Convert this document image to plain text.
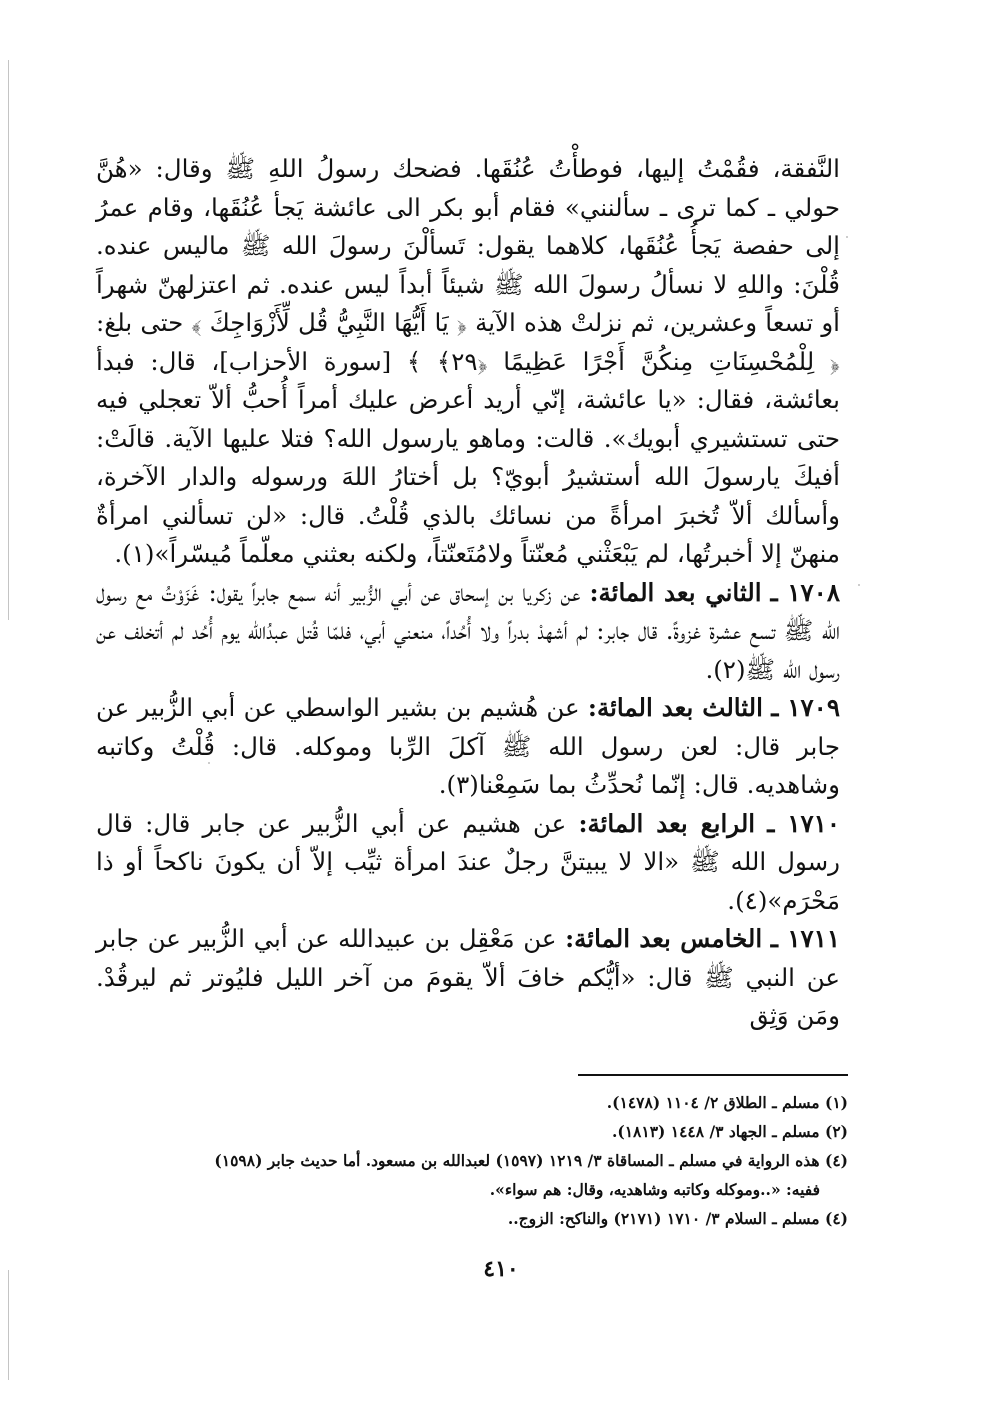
النَّفقة، فقُمْتُ إليها، فوطأْتُ عُنُقَها. فضحك رسولُ اللهِ ﷺ وقال: «هُنَّ حولي ـ كما ترى ـ سألنني» فقام أبو بكر الى عائشة يَجأ عُنُقَها، وقام عمرُ إلى حفصة يَجأُ عُنُقَها، كلاهما يقول: تَسألْنَ رسولَ الله ﷺ ماليس عنده. قُلْنَ: واللهِ لا نسألُ رسولَ الله ﷺ شيئاً أبداً ليس عنده. ثم اعتزلهنّ شهراً أو تسعاً وعشرين، ثم نزلتْ هذه الآية ﴿ يَا أَيُّهَا النَّبِيُّ قُل لِّأَزْوَاجِكَ ﴾ حتى بلغ: ﴿ لِلْمُحْسِنَاتِ مِنكُنَّ أَجْرًا عَظِيمًا ﴿٢٩﴾ ﴾ [سورة الأحزاب]، قال: فبدأ بعائشة، فقال: «يا عائشة، إنّي أريد أعرض عليك أمراً أُحبُّ ألاّ تعجلي فيه حتى تستشيري أبويك». قالت: وماهو يارسول الله؟ فتلا عليها الآية. قالَتْ: أفيكَ يارسولَ الله أستشيرُ أبويّ؟ بل أختارُ اللهَ ورسوله والدار الآخرة، وأسألك ألاّ تُخبرَ امرأةً من نسائك بالذي قُلْتُ. قال: «لن تسألني امرأةٌ منهنّ إلا أخبرتُها، لم يَبْعَثْني مُعنّتاً ولامُتَعنّتاً، ولكنه بعثني معلّماً مُيسّراً»(١).

١٧٠٨ ـ الثاني بعد المائة: عن زكريا بن إسحاق عن أبي الزُّبير أنه سمع جابراً يقول: غَزَوْتُ مع رسول الله ﷺ تسع عشرة غزوةً. قال جابر: لم أشهدْ بدراً ولا أُحُداً، منعني أبي، فلمّا قُتل عبدُالله يوم أُحُد لم أتخلف عن رسول الله ﷺ(٢).

١٧٠٩ ـ الثالث بعد المائة: عن هُشيم بن بشير الواسطي عن أبي الزُّبير عن جابر قال: لعن رسول الله ﷺ آكلَ الرِّبا وموكله. قال: قُلْتُ وكاتبه وشاهديه. قال: إنّما نُحدِّثُ بما سَمِعْنا(٣).

١٧١٠ ـ الرابع بعد المائة: عن هشيم عن أبي الزُّبير عن جابر قال: قال رسول الله ﷺ «الا لا يبيتنَّ رجلٌ عندَ امرأة ثيِّب إلاّ أن يكونَ ناكحاً أو ذا مَحْرَم»(٤).

١٧١١ ـ الخامس بعد المائة: عن مَعْقِل بن عبيدالله عن أبي الزُّبير عن جابر عن النبي ﷺ قال: «أيُّكم خافَ ألاّ يقومَ من آخر الليل فليُوتر ثم ليرقُدْ. ومَن وَثِق

(١) مسلم ـ الطلاق ٢/ ١١٠٤ (١٤٧٨).

(٢) مسلم ـ الجهاد ٣/ ١٤٤٨ (١٨١٣).

(٤) هذه الرواية في مسلم ـ المساقاة ٣/ ١٢١٩ (١٥٩٧) لعبدالله بن مسعود. أما حديث جابر (١٥٩٨)

ففيه: «..وموكله وكاتبه وشاهديه، وقال: هم سواء».

(٤) مسلم ـ السلام ٣/ ١٧١٠ (٢١٧١) والناكح: الزوج..

٤١٠
